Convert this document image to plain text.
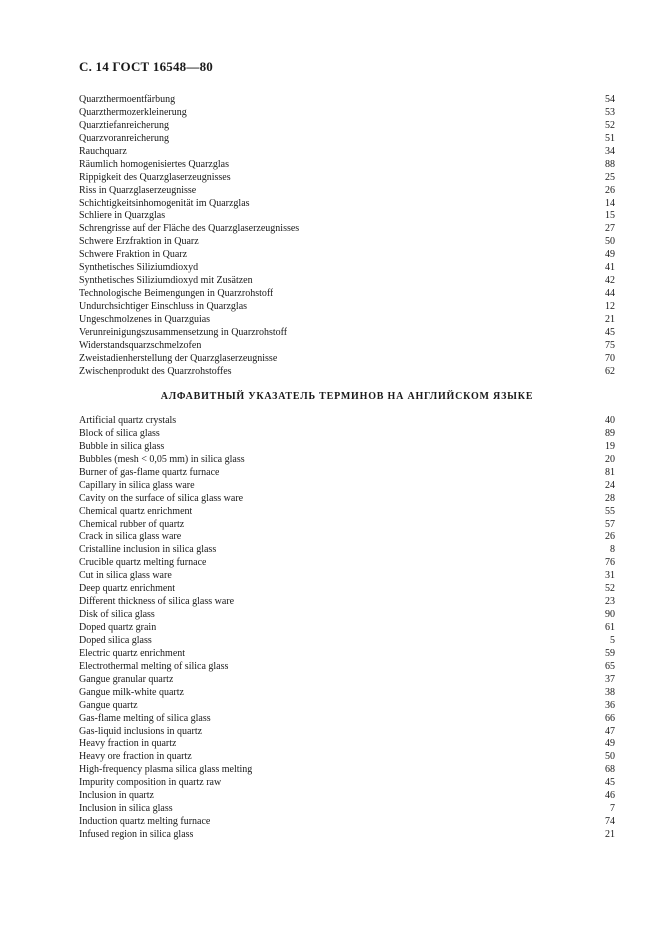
С. 14 ГОСТ 16548—80
Quarzthermoentfärbung	54
Quarzthermozerkleinerung	53
Quarztiefanreicherung	52
Quarzvoranreicherung	51
Rauchquarz	34
Räumlich homogenisiertes Quarzglas	88
Rippigkeit des Quarzglaserzeugnisses	25
Riss in Quarzglaserzeugnisse	26
Schichtigkeitsinhomogenität im Quarzglas	14
Schliere in Quarzglas	15
Schrengrisse auf der Fläche des Quarzglaserzeugnisses	27
Schwere Erzfraktion in Quarz	50
Schwere Fraktion in Quarz	49
Synthetisches Siliziumdioxyd	41
Synthetisches Siliziumdioxyd mit Zusätzen	42
Technologische Beimengungen in Quarzrohstoff	44
Undurchsichtiger Einschluss in Quarzglas	12
Ungeschmolzenes in Quarzguias	21
Verunreinigungszusammensetzung in Quarzrohstoff	45
Widerstandsquarzschmelzofen	75
Zweistadienherstellung der Quarzglaserzeugnisse	70
Zwischenprodukt des Quarzrohstoffes	62
АЛФАВИТНЫЙ УКАЗАТЕЛЬ ТЕРМИНОВ НА АНГЛИЙСКОМ ЯЗЫКЕ
Artificial quartz crystals	40
Block of silica glass	89
Bubble in silica glass	19
Bubbles (mesh < 0,05 mm) in silica glass	20
Burner of gas-flame quartz furnace	81
Capillary in silica glass ware	24
Cavity on the surface of silica glass ware	28
Chemical quartz enrichment	55
Chemical rubber of quartz	57
Crack in silica glass ware	26
Cristalline inclusion in silica glass	8
Crucible quartz melting furnace	76
Cut in silica glass ware	31
Deep quartz enrichment	52
Different thickness of silica glass ware	23
Disk of silica glass	90
Doped quartz grain	61
Doped silica glass	5
Electric quartz enrichment	59
Electrothermal melting of silica glass	65
Gangue granular quartz	37
Gangue milk-white quartz	38
Gangue quartz	36
Gas-flame melting of silica glass	66
Gas-liquid inclusions in quartz	47
Heavy fraction in quartz	49
Heavy ore fraction in quartz	50
High-frequency plasma silica glass melting	68
Impurity composition in quartz raw	45
Inclusion in quartz	46
Inclusion in silica glass	7
Induction quartz melting furnace	74
Infused region in silica glass	21
